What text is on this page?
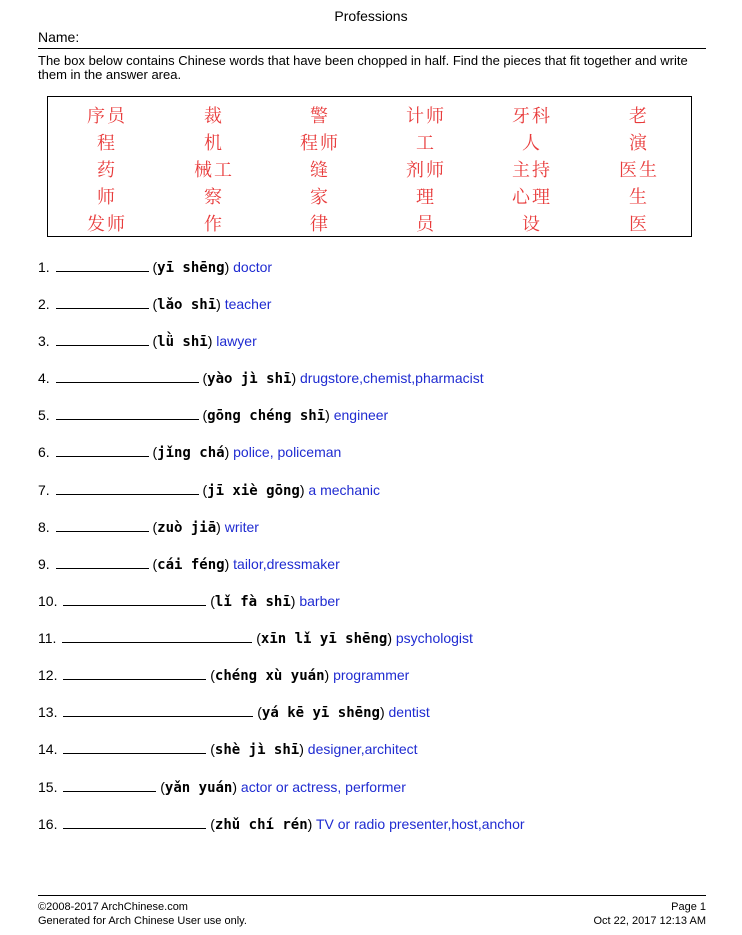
Professions
Name:
The box below contains Chinese words that have been chopped in half. Find the pieces that fit together and write them in the answer area.
序员	裁	警	计师	牙科	老
程	机	程师	工	人	演
药	械工	缝	剂师	主持	医生
师	察	家	理	心理	生
发师	作	律	员	设	医
1.	(yī shēng) doctor
2.	(lǎo shī) teacher
3.	(lǜ shī) lawyer
4.	(yào jì shī) drugstore,chemist,pharmacist
5.	(gōng chéng shī) engineer
6.	(jǐng chá) police, policeman
7.	(jī xiè gōng) a mechanic
8.	(zuò jiā) writer
9.	(cái féng) tailor,dressmaker
10.	(lǐ fà shī) barber
11.	(xīn lǐ yī shēng) psychologist
12.	(chéng xù yuán) programmer
13.	(yá kē yī shēng) dentist
14.	(shè jì shī) designer,architect
15.	(yǎn yuán) actor or actress, performer
16.	(zhǔ chí rén) TV or radio presenter,host,anchor
©2008-2017 ArchChinese.com
Generated for Arch Chinese User use only.
Page 1
Oct 22, 2017 12:13 AM
